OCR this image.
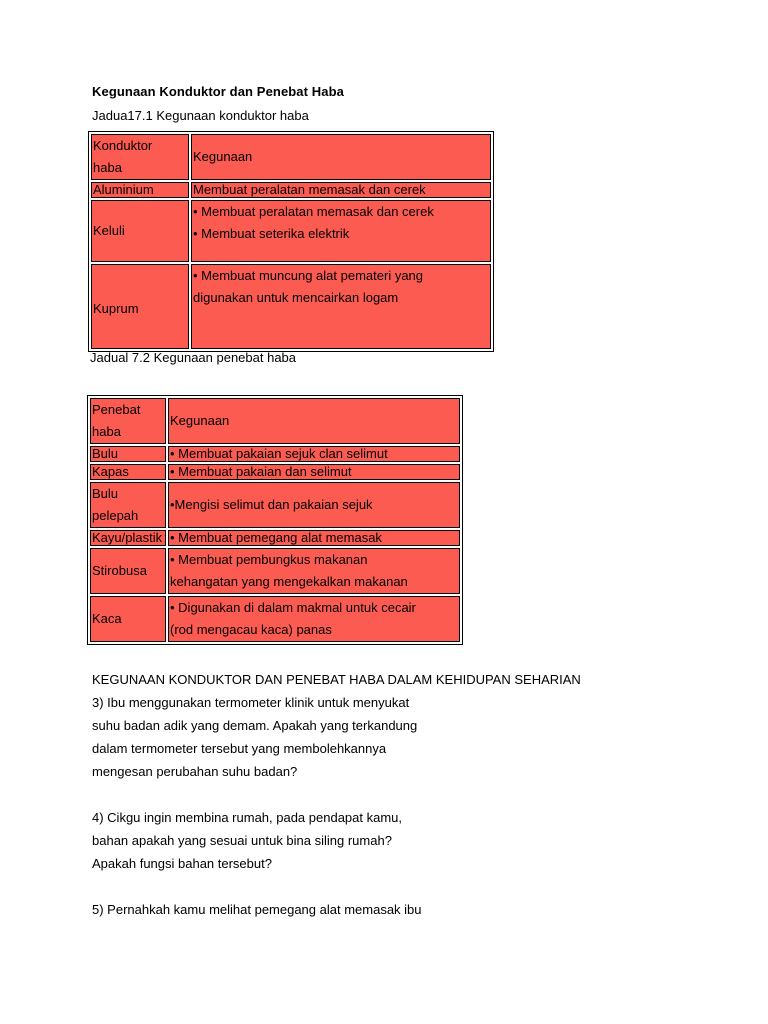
Kegunaan Konduktor dan Penebat Haba
Jadua17.1 Kegunaan konduktor haba
Konduktor
haba	Kegunaan
Aluminium	Membuat peralatan memasak dan cerek
Keluli	• Membuat peralatan memasak dan cerek
• Membuat seterika elektrik

Kuprum	• Membuat muncung alat pemateri yang
digunakan untuk mencairkan logam
Jadual 7.2 Kegunaan penebat haba
Penebat
haba	Kegunaan
Bulu	• Membuat pakaian sejuk clan selimut
Kapas	• Membuat pakaian dan selimut

Bulu
pelepah	•Mengisi selimut dan pakaian sejuk
Kayu/plastik	• Membuat pemegang alat memasak
Stirobusa	• Membuat pembungkus makanan
kehangatan yang mengekalkan makanan

Kaca	• Digunakan di dalam makmal untuk cecair
(rod mengacau kaca) panas
KEGUNAAN KONDUKTOR DAN PENEBAT HABA DALAM KEHIDUPAN SEHARIAN
3) Ibu menggunakan termometer klinik untuk menyukat
suhu badan adik yang demam. Apakah yang terkandung
dalam termometer tersebut yang membolehkannya
mengesan perubahan suhu badan?
4) Cikgu ingin membina rumah, pada pendapat kamu,
bahan apakah yang sesuai untuk bina siling rumah?
Apakah fungsi bahan tersebut?
5) Pernahkah kamu melihat pemegang alat memasak ibu
